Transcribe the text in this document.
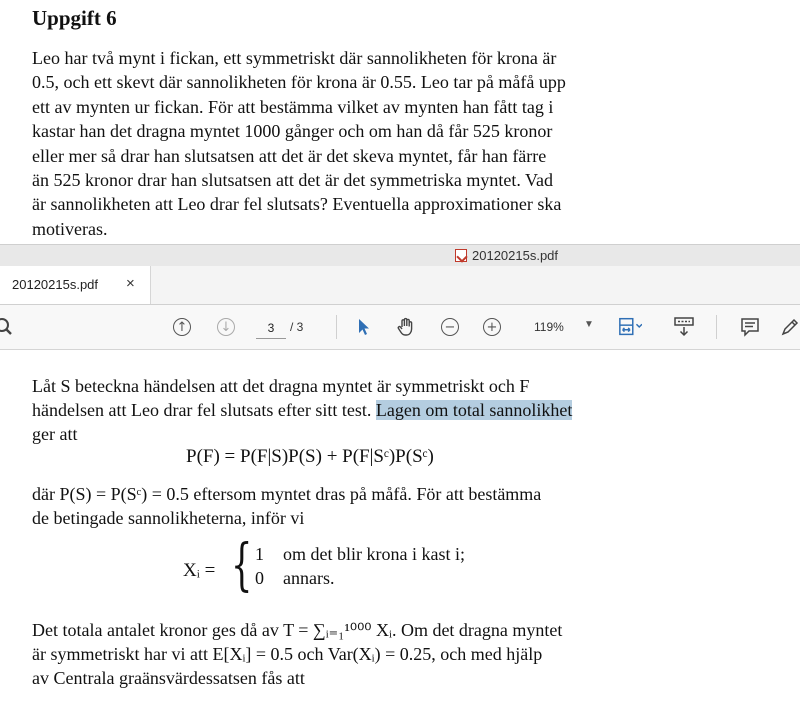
Uppgift 6
Leo har två mynt i fickan, ett symmetriskt där sannolikheten för krona är
0.5, och ett skevt där sannolikheten för krona är 0.55. Leo tar på måfå upp
ett av mynten ur fickan. För att bestämma vilket av mynten han fått tag i
kastar han det dragna myntet 1000 gånger och om han då får 525 kronor
eller mer så drar han slutsatsen att det är det skeva myntet, får han färre
än 525 kronor drar han slutsatsen att det är det symmetriska myntet. Vad
är sannolikheten att Leo drar fel slutsats? Eventuella approximationer ska
motiveras.
20120215s.pdf
20120215s.pdf ×
↑	↓
3	/ 3	− +	119% ▼
Låt S beteckna händelsen att det dragna myntet är symmetriskt och F
händelsen att Leo drar fel slutsats efter sitt test. Lagen om total sannolikhet
ger att
P(F) = P(F|S)P(S) + P(F|Sᶜ)P(Sᶜ)
där P(S) = P(Sᶜ) = 0.5 eftersom myntet dras på måfå. För att bestämma
de betingade sannolikheterna, inför vi
Xᵢ = { 1 om det blir krona i kast i;
0 annars.
Det totala antalet kronor ges då av T = ∑ᵢ₌₁¹⁰⁰⁰ Xᵢ. Om det dragna myntet
är symmetriskt har vi att E[Xᵢ] = 0.5 och Var(Xᵢ) = 0.25, och med hjälp
av Centrala graänsvärdessatsen fås att
